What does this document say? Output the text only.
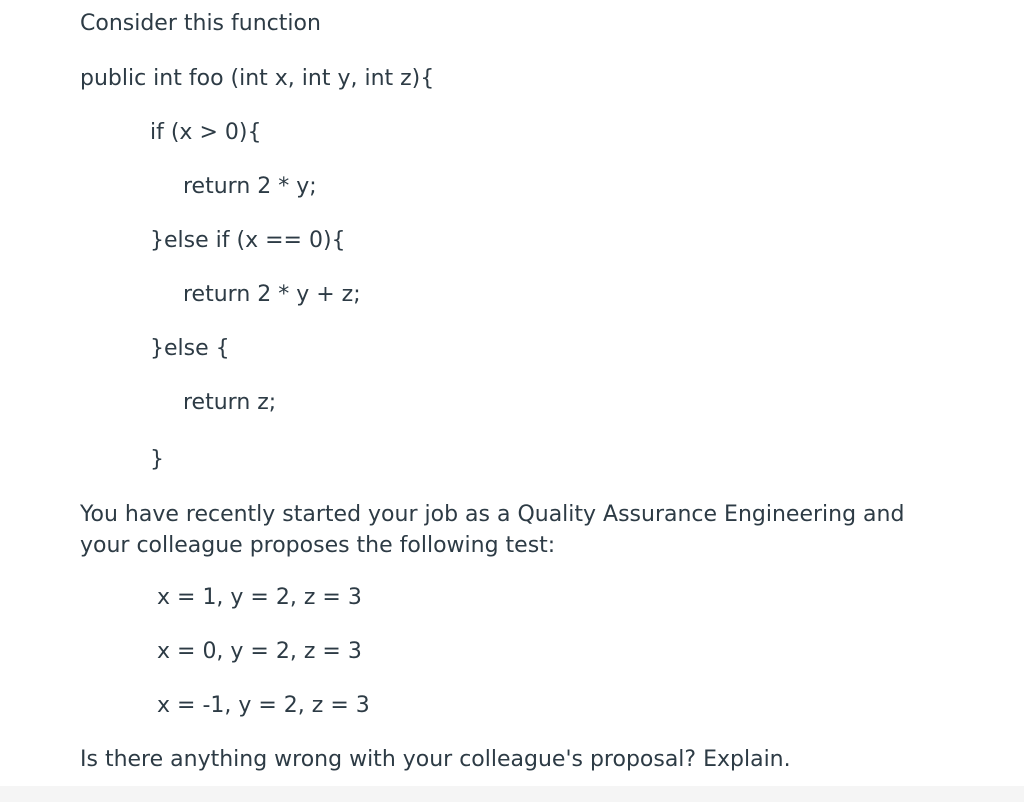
Consider this function
public int foo (int x, int y, int z){
if (x > 0){
return 2 * y;
}else if (x == 0){
return 2 * y + z;
}else {
return z;
}
You have recently started your job as a Quality Assurance Engineering and your colleague proposes the following test:
x = 1, y = 2, z = 3
x = 0, y = 2, z = 3
x = -1, y = 2, z = 3
Is there anything wrong with your colleague's proposal? Explain.
